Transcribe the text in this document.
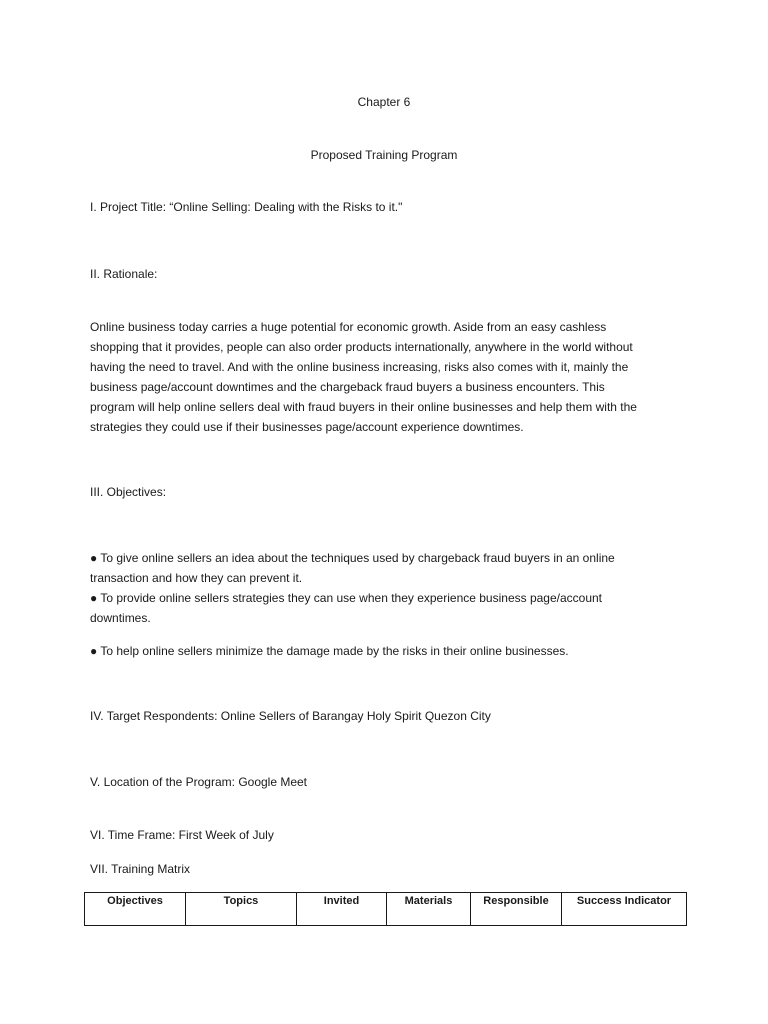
Chapter 6
Proposed Training Program
I. Project Title: “Online Selling: Dealing with the Risks to it."
II. Rationale:
Online business today carries a huge potential for economic growth. Aside from an easy cashless
shopping that it provides, people can also order products internationally, anywhere in the world without
having the need to travel. And with the online business increasing, risks also comes with it, mainly the
business page/account downtimes and the chargeback fraud buyers a business encounters. This
program will help online sellers deal with fraud buyers in their online businesses and help them with the
strategies they could use if their businesses page/account experience downtimes.
III. Objectives:
● To give online sellers an idea about the techniques used by chargeback fraud buyers in an online
transaction and how they can prevent it.
● To provide online sellers strategies they can use when they experience business page/account
downtimes.
● To help online sellers minimize the damage made by the risks in their online businesses.
IV. Target Respondents: Online Sellers of Barangay Holy Spirit Quezon City
V. Location of the Program: Google Meet
VI. Time Frame: First Week of July
VII. Training Matrix
Objectives	Topics	Invited	Materials	Responsible	Success Indicator
